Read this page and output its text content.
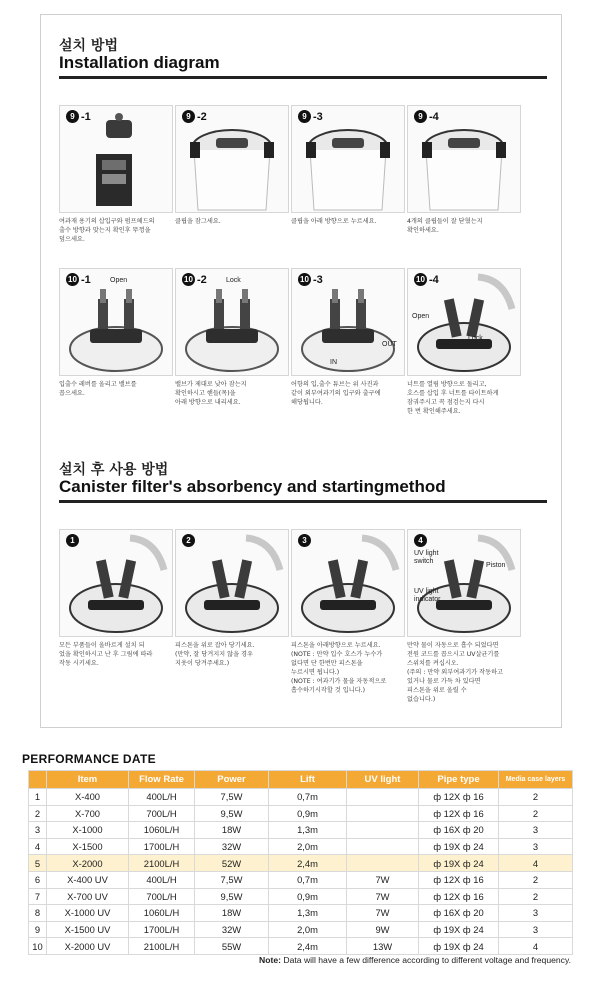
설치 방법
Installation diagram
9 -1
여과재 용기의 삽입구와 펌프헤드의
출수 방향과 맞는지 확인후 뚜껑을
덮으세요.
9 -2
클립을 잠그세요.
9 -3
클립을 아래 방향으로 누르세요.
9 -4
4개의 클립들이 잘 닫혔는지
확인하세요.
10 -1	Open
입출수 레버를 올리고 밸브를
꼽으세요.
10 -2	Lock
밸브가 제대로 낮아 잠는지
확인하시고 핸들(목)을
아래 방향으로 내리세요.
10 -3
IN
OUT
어항의 입,출수 튜브는 위 사진과
같이 외부여과기의 입구와 출구에
해당됩니다.
10 -4
Open
Lock
너트를 열림 방향으로 돌리고,
호스를 삽입 후 너트를 타이트하게
잠궈주시고 꼭 점검는지 다시
한 번 확인해주세요.
설치 후 사용 방법
Canister filter's absorbency and startingmethod
1
모든 부품들이 올바르게 설치 되
었을 확인하시고 난 후 그림에 따라
작동 시키세요.
2
피스톤을 위로 잡아 당기세요.
(만약, 잘 당겨지지 않을 경우
지웃이 당겨주세요.)
3
피스톤을 아래방향으로 누르세요.
(NOTE : 만약 입수 호스가 누수가
없다면 단 한번만 피스톤을
누르시면 됩니다.)
(NOTE : 여과기가 물을 자동적으로
흡수하기시작할 것 입니다.)
4
UV light
switch
Piston
UV light
indicator
만약 물이 자동으로 흡수 되었다면
전원 코드를 꼽으시고 UV살균기를
스위치를 켜십시오.
(주의 : 만약 외부여과기가 작동하고
있거나 물로 가득 차 있다면
피스톤을 위로 올릴 수
없습니다.)
PERFORMANCE DATE
	Item	Flow Rate	Power	Lift	UV light	Pipe type	Media case layers
1	X-400	400L/H	7,5W	0,7m		ф 12X ф 16	2
2	X-700	700L/H	9,5W	0,9m		ф 12X ф 16	2
3	X-1000	1060L/H	18W	1,3m		ф 16X ф 20	3
4	X-1500	1700L/H	32W	2,0m		ф 19X ф 24	3
5	X-2000	2100L/H	52W	2,4m		ф 19X ф 24	4
6	X-400 UV	400L/H	7,5W	0,7m	7W	ф 12X ф 16	2
7	X-700 UV	700L/H	9,5W	0,9m	7W	ф 12X ф 16	2
8	X-1000 UV	1060L/H	18W	1,3m	7W	ф 16X ф 20	3
9	X-1500 UV	1700L/H	32W	2,0m	9W	ф 19X ф 24	3
10	X-2000 UV	2100L/H	55W	2,4m	13W	ф 19X ф 24	4
Note: Data will have a few difference according to different voltage and frequency.
